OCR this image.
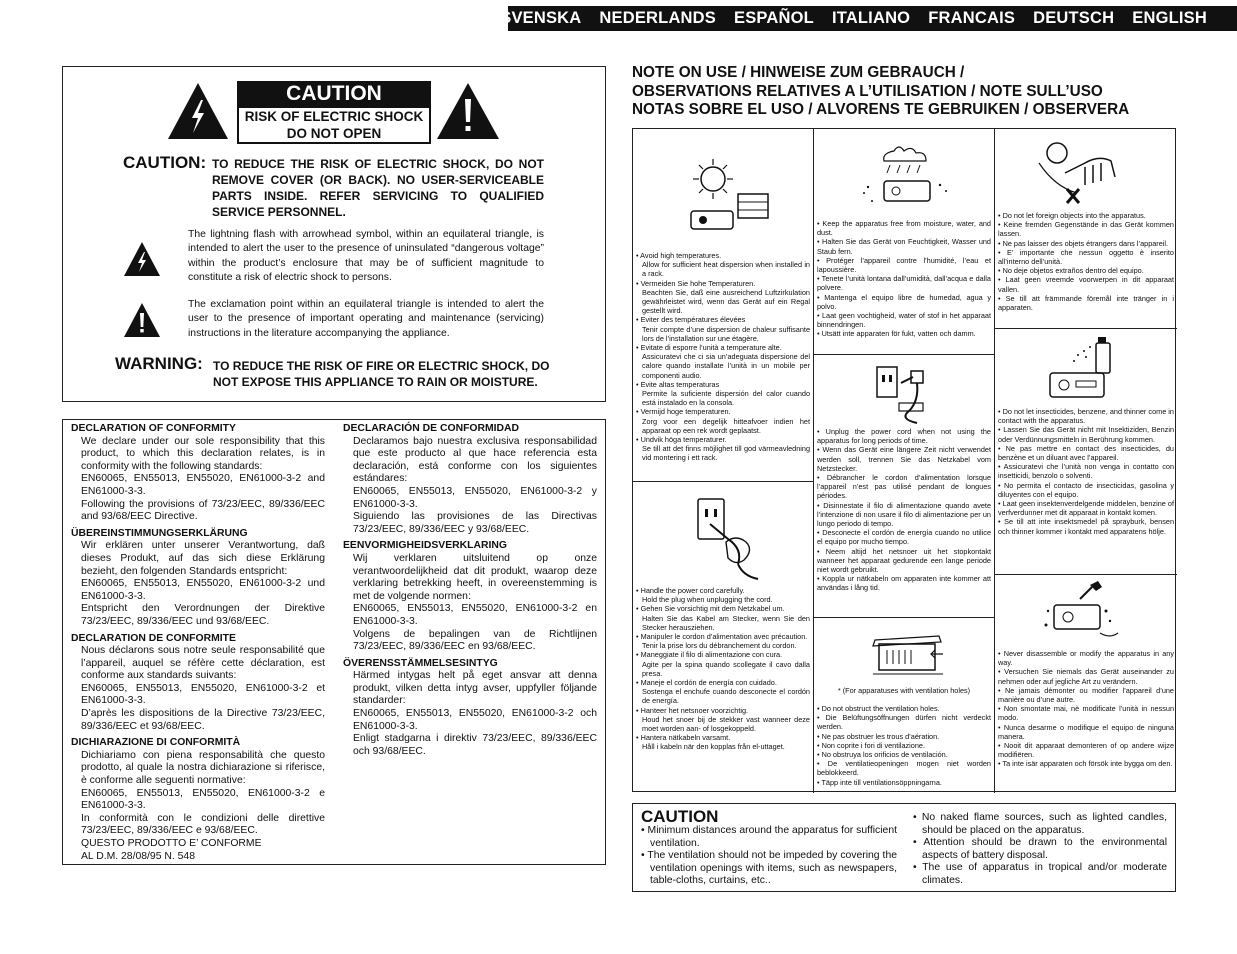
SVENSKA NEDERLANDS ESPAÑOL ITALIANO FRANCAIS DEUTSCH ENGLISH
CAUTION
RISK OF ELECTRIC SHOCK
DO NOT OPEN
CAUTION: TO REDUCE THE RISK OF ELECTRIC SHOCK, DO NOT REMOVE COVER (OR BACK). NO USER-SERVICEABLE PARTS INSIDE. REFER SERVICING TO QUALIFIED SERVICE PERSONNEL.
The lightning flash with arrowhead symbol, within an equilateral triangle, is intended to alert the user to the presence of uninsulated “dangerous voltage” within the product’s enclosure that may be of sufficient magnitude to constitute a risk of electric shock to persons.
The exclamation point within an equilateral triangle is intended to alert the user to the presence of important operating and maintenance (servicing) instructions in the literature accompanying the appliance.
WARNING: TO REDUCE THE RISK OF FIRE OR ELECTRIC SHOCK, DO NOT EXPOSE THIS APPLIANCE TO RAIN OR MOISTURE.
DECLARATION OF CONFORMITY
We declare under our sole responsibility that this product, to which this declaration relates, is in conformity with the following standards:
EN60065, EN55013, EN55020, EN61000-3-2 and EN61000-3-3.
Following the provisions of 73/23/EEC, 89/336/EEC and 93/68/EEC Directive.
ÜBEREINSTIMMUNGSERKLÄRUNG
Wir erklären unter unserer Verantwortung, daß dieses Produkt, auf das sich diese Erklärung bezieht, den folgenden Standards entspricht:
EN60065, EN55013, EN55020, EN61000-3-2 und EN61000-3-3.
Entspricht den Verordnungen der Direktive 73/23/EEC, 89/336/EEC und 93/68/EEC.
DECLARATION DE CONFORMITE
Nous déclarons sous notre seule responsabilité que l’appareil, auquel se réfère cette déclaration, est conforme aux standards suivants:
EN60065, EN55013, EN55020, EN61000-3-2 et EN61000-3-3.
D’après les dispositions de la Directive 73/23/EEC, 89/336/EEC et 93/68/EEC.
DICHIARAZIONE DI CONFORMITÀ
Dichiariamo con piena responsabilità che questo prodotto, al quale la nostra dichiarazione si riferisce, è conforme alle seguenti normative:
EN60065, EN55013, EN55020, EN61000-3-2 e EN61000-3-3.
In conformità con le condizioni delle direttive 73/23/EEC, 89/336/EEC e 93/68/EEC.
QUESTO PRODOTTO E’ CONFORME
AL D.M. 28/08/95 N. 548
DECLARACIÓN DE CONFORMIDAD
Declaramos bajo nuestra exclusiva responsabilidad que este producto al que hace referencia esta declaración, está conforme con los siguientes estándares:
EN60065, EN55013, EN55020, EN61000-3-2 y EN61000-3-3.
Siguiendo las provisiones de las Directivas 73/23/EEC, 89/336/EEC y 93/68/EEC.
EENVORMIGHEIDSVERKLARING
Wij verklaren uitsluitend op onze verantwoordelijkheid dat dit produkt, waarop deze verklaring betrekking heeft, in overeenstemming is met de volgende normen:
EN60065, EN55013, EN55020, EN61000-3-2 en EN61000-3-3.
Volgens de bepalingen van de Richtlijnen 73/23/EEC, 89/336/EEC en 93/68/EEC.
ÖVERENSSTÄMMELSESINTYG
Härmed intygas helt på eget ansvar att denna produkt, vilken detta intyg avser, uppfyller följande standarder:
EN60065, EN55013, EN55020, EN61000-3-2 och EN61000-3-3.
Enligt stadgarna i direktiv 73/23/EEC, 89/336/EEC och 93/68/EEC.
NOTE ON USE / HINWEISE ZUM GEBRAUCH /
OBSERVATIONS RELATIVES A L’UTILISATION / NOTE SULL’USO
NOTAS SOBRE EL USO / ALVORENS TE GEBRUIKEN / OBSERVERA

• Avoid high temperatures.

Allow for sufficient heat dispersion when installed in a rack.

• Vermeiden Sie hohe Temperaturen.

Beachten Sie, daß eine ausreichend Luftzirkulation gewährleistet wird, wenn das Gerät auf ein Regal gestellt wird.

• Eviter des températures élevées

Tenir compte d’une dispersion de chaleur suffisante lors de l’installation sur une étagère.

• Evitate di esporre l’unità a temperature alte.

Assicuratevi che ci sia un’adeguata dispersione del calore quando installate l’unità in un mobile per componenti audio.

• Evite altas temperaturas

Permite la suficiente dispersión del calor cuando está instalado en la consola.

• Vermijd hoge temperaturen.

Zorg voor een degelijk hitteafvoer indien het apparaat op een rek wordt geplaatst.

• Undvik höga temperaturer.

Se till att det finns möjlighet till god värmeavledning vid montering i ett rack.

• Handle the power cord carefully.

Hold the plug when unplugging the cord.

• Gehen Sie vorsichtig mit dem Netzkabel um.

Halten Sie das Kabel am Stecker, wenn Sie den Stecker herausziehen.

• Manipuler le cordon d’alimentation avec précaution.

Tenir la prise lors du débranchement du cordon.

• Maneggiate il filo di alimentazione con cura.

Agite per la spina quando scollegate il cavo dalla presa.

• Maneje el cordón de energía con cuidado.

Sostenga el enchufe cuando desconecte el cordón de energía.

• Hanteer het netsnoer voorzichtig.

Houd het snoer bij de stekker vast wanneer deze moet worden aan- of losgekoppeld.

• Hantera nätkabeln varsamt.

Håll i kabeln när den kopplas från el-uttaget.

• Keep the apparatus free from moisture, water, and dust.

• Halten Sie das Gerät von Feuchtigkeit, Wasser und Staub fern.

• Protéger l’appareil contre l’humidité, l’eau et lapoussière.

• Tenete l’unità lontana dall’umidità, dall’acqua e dalla polvere.

• Mantenga el equipo libre de humedad, agua y polvo.

• Laat geen vochtigheid, water of stof in het apparaat binnendringen.

• Utsätt inte apparaten för fukt, vatten och damm.

• Unplug the power cord when not using the apparatus for long periods of time.

• Wenn das Gerät eine längere Zeit nicht verwendet werden soll, trennen Sie das Netzkabel vom Netzstecker.

• Débrancher le cordon d’alimentation lorsque l’appareil n’est pas utilisé pendant de longues périodes.

• Disinnestate il filo di alimentazione quando avete l’intenzione di non usare il filo di alimentazione per un lungo periodo di tempo.

• Desconecte el cordón de energía cuando no utilice el equipo por mucho tiempo.

• Neem altijd het netsnoer uit het stopkontakt wanneer het apparaat gedurende een lange periode niet wordt gebruikt.

• Koppla ur nätkabeln om apparaten inte kommer att användas i lång tid.

* (For apparatuses with ventilation holes)

• Do not obstruct the ventilation holes.

• Die Belüftungsöffnungen dürfen nicht verdeckt werden.

• Ne pas obstruer les trous d’aération.

• Non coprite i fori di ventilazione.

• No obstruya los orificios de ventilación.

• De ventilatieopeningen mogen niet worden beblokkeerd.

• Täpp inte till ventilationsöppningarna.

• Do not let foreign objects into the apparatus.

• Keine fremden Gegenstände in das Gerät kommen lassen.

• Ne pas laisser des objets étrangers dans l’appareil.

• E’ importante che nessun oggetto è inserito all’interno dell’unità.

• No deje objetos extraños dentro del equipo.

• Laat geen vreemde voorwerpen in dit apparaat vallen.

• Se till att främmande föremål inte tränger in i apparaten.

• Do not let insecticides, benzene, and thinner come in contact with the apparatus.

• Lassen Sie das Gerät nicht mit Insektiziden, Benzin oder Verdünnungsmitteln in Berührung kommen.

• Ne pas mettre en contact des insecticides, du benzène et un diluant avec l’appareil.

• Assicuratevi che l’unità non venga in contatto con insetticidi, benzolo o solventi.

• No permita el contacto de insecticidas, gasolina y diluyentes con el equipo.

• Laat geen insektenverdelgende middelen, benzine of verfverdunner met dit apparaat in kontakt komen.

• Se till att inte insektsmedel på sprayburk, bensen och thinner kommer i kontakt med apparatens hölje.

• Never disassemble or modify the apparatus in any way.

• Versuchen Sie niemals das Gerät auseinander zu nehmen oder auf jegliche Art zu verändern.

• Ne jamais démonter ou modifier l’appareil d’une manière ou d’une autre.

• Non smontate mai, nè modificate l’unità in nessun modo.

• Nunca desarme o modifique el equipo de ninguna manera.

• Nooit dit apparaat demonteren of op andere wijze modifiëren.

• Ta inte isär apparaten och försök inte bygga om den.

CAUTION

• Minimum distances around the apparatus for sufficient ventilation.

• The ventilation should not be impeded by covering the ventilation openings with items, such as newspapers, table-cloths, curtains, etc..

• No naked flame sources, such as lighted candles, should be placed on the apparatus.

• Attention should be drawn to the environmental aspects of battery disposal.

• The use of apparatus in tropical and/or moderate climates.
